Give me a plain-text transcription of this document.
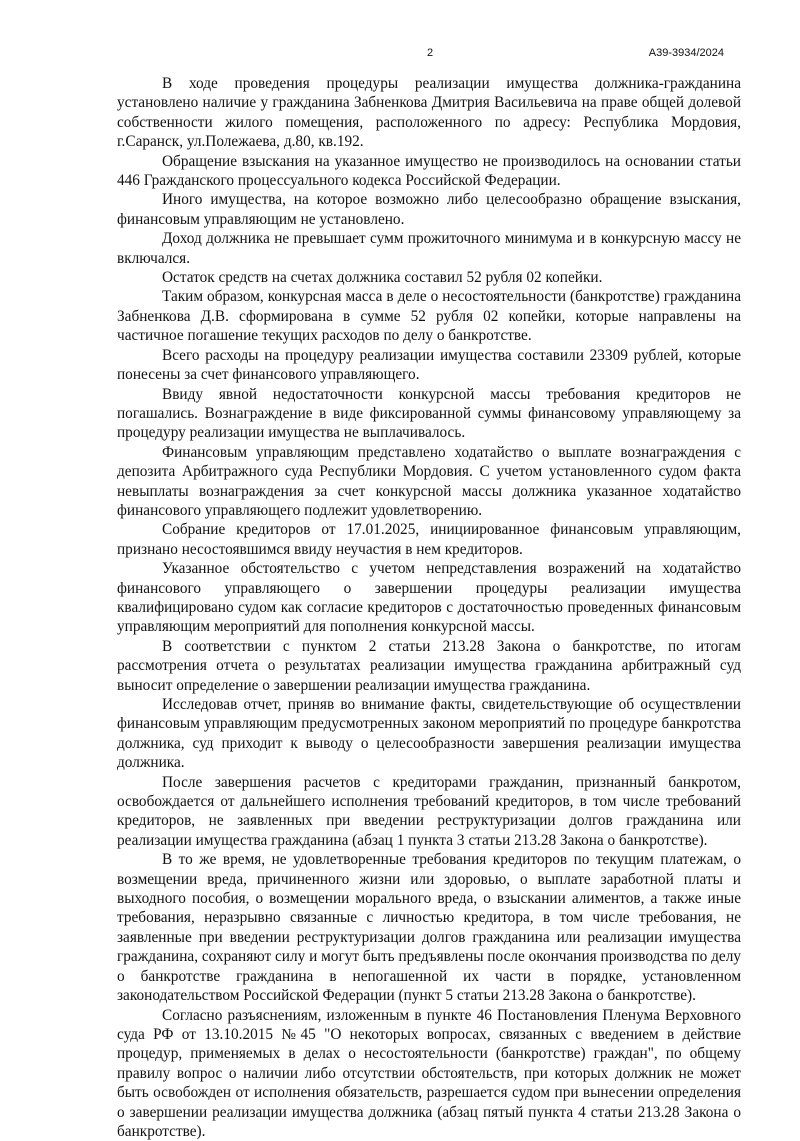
2	А39-3934/2024

В ходе проведения процедуры реализации имущества должника-гражданина установлено наличие у гражданина Забненкова Дмитрия Васильевича на праве общей долевой собственности жилого помещения, расположенного по адресу: Республика Мордовия, г.Саранск, ул.Полежаева, д.80, кв.192.

Обращение взыскания на указанное имущество не производилось на основании статьи 446 Гражданского процессуального кодекса Российской Федерации.

Иного имущества, на которое возможно либо целесообразно обращение взыскания, финансовым управляющим не установлено.

Доход должника не превышает сумм прожиточного минимума и в конкурсную массу не включался.

Остаток средств на счетах должника составил 52 рубля 02 копейки.

Таким образом, конкурсная масса в деле о несостоятельности (банкротстве) гражданина Забненкова Д.В. сформирована в сумме 52 рубля 02 копейки, которые направлены на частичное погашение текущих расходов по делу о банкротстве.

Всего расходы на процедуру реализации имущества составили 23309 рублей, которые понесены за счет финансового управляющего.

Ввиду явной недостаточности конкурсной массы требования кредиторов не погашались. Вознаграждение в виде фиксированной суммы финансовому управляющему за процедуру реализации имущества не выплачивалось.

Финансовым управляющим представлено ходатайство о выплате вознаграждения с депозита Арбитражного суда Республики Мордовия. С учетом установленного судом факта невыплаты вознаграждения за счет конкурсной массы должника указанное ходатайство финансового управляющего подлежит удовлетворению.

Собрание кредиторов от 17.01.2025, инициированное финансовым управляющим, признано несостоявшимся ввиду неучастия в нем кредиторов.

Указанное обстоятельство с учетом непредставления возражений на ходатайство финансового управляющего о завершении процедуры реализации имущества квалифицировано судом как согласие кредиторов с достаточностью проведенных финансовым управляющим мероприятий для пополнения конкурсной массы.

В соответствии с пунктом 2 статьи 213.28 Закона о банкротстве, по итогам рассмотрения отчета о результатах реализации имущества гражданина арбитражный суд выносит определение о завершении реализации имущества гражданина.

Исследовав отчет, приняв во внимание факты, свидетельствующие об осуществлении финансовым управляющим предусмотренных законом мероприятий по процедуре банкротства должника, суд приходит к выводу о целесообразности завершения реализации имущества должника.

После завершения расчетов с кредиторами гражданин, признанный банкротом, освобождается от дальнейшего исполнения требований кредиторов, в том числе требований кредиторов, не заявленных при введении реструктуризации долгов гражданина или реализации имущества гражданина (абзац 1 пункта 3 статьи 213.28 Закона о банкротстве).

В то же время, не удовлетворенные требования кредиторов по текущим платежам, о возмещении вреда, причиненного жизни или здоровью, о выплате заработной платы и выходного пособия, о возмещении морального вреда, о взыскании алиментов, а также иные требования, неразрывно связанные с личностью кредитора, в том числе требования, не заявленные при введении реструктуризации долгов гражданина или реализации имущества гражданина, сохраняют силу и могут быть предъявлены после окончания производства по делу о банкротстве гражданина в непогашенной их части в порядке, установленном законодательством Российской Федерации (пункт 5 статьи 213.28 Закона о банкротстве).

Согласно разъяснениям, изложенным в пункте 46 Постановления Пленума Верховного суда РФ от 13.10.2015 №45 "О некоторых вопросах, связанных с введением в действие процедур, применяемых в делах о несостоятельности (банкротстве) граждан", по общему правилу вопрос о наличии либо отсутствии обстоятельств, при которых должник не может быть освобожден от исполнения обязательств, разрешается судом при вынесении определения о завершении реализации имущества должника (абзац пятый пункта 4 статьи 213.28 Закона о банкротстве).
